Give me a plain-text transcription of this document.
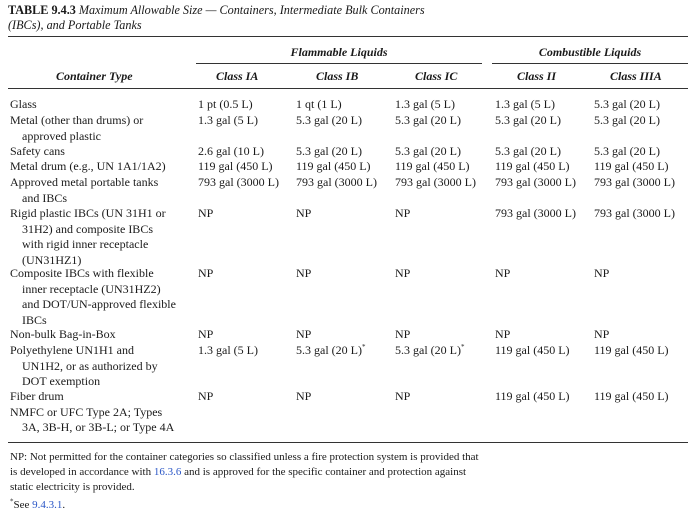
TABLE 9.4.3 Maximum Allowable Size — Containers, Intermediate Bulk Containers
(IBCs), and Portable Tanks
Flammable Liquids	Combustible Liquids
Container Type	Class IA	Class IB	Class IC	Class II	Class IIIA
Glass	1 pt (0.5 L)	1 qt (1 L)	1.3 gal (5 L)	1.3 gal (5 L)	5.3 gal (20 L)
Metal (other than drums) or
approved plastic
1.3 gal (5 L)	5.3 gal (20 L)	5.3 gal (20 L)	5.3 gal (20 L)	5.3 gal (20 L)
Safety cans	2.6 gal (10 L)	5.3 gal (20 L)	5.3 gal (20 L)	5.3 gal (20 L)	5.3 gal (20 L)
Metal drum (e.g., UN 1A1/1A2)	119 gal (450 L) 119 gal (450 L) 119 gal (450 L) 119 gal (450 L) 119 gal (450 L)
Approved metal portable tanks
and IBCs
793 gal (3000 L) 793 gal (3000 L) 793 gal (3000 L) 793 gal (3000 L) 793 gal (3000 L)
Rigid plastic IBCs (UN 31H1 or
31H2) and composite IBCs
with rigid inner receptacle
(UN31HZ1)
NP	NP	NP	793 gal (3000 L) 793 gal (3000 L)
Composite IBCs with flexible
inner receptacle (UN31HZ2)
and DOT/UN-approved flexible
IBCs
NP	NP	NP	NP	NP
Non-bulk Bag-in-Box	NP	NP	NP	NP	NP
Polyethylene UN1H1 and
UN1H2, or as authorized by
DOT exemption
1.3 gal (5 L)	5.3 gal (20 L)* 5.3 gal (20 L)*	119 gal (450 L) 119 gal (450 L)
Fiber drum
NMFC or UFC Type 2A; Types
3A, 3B-H, or 3B-L; or Type 4A
NP	NP	NP	119 gal (450 L) 119 gal (450 L)
NP: Not permitted for the container categories so classified unless a fire protection system is provided that
is developed in accordance with 16.3.6 and is approved for the specific container and protection against
static electricity is provided.
*See 9.4.3.1.
